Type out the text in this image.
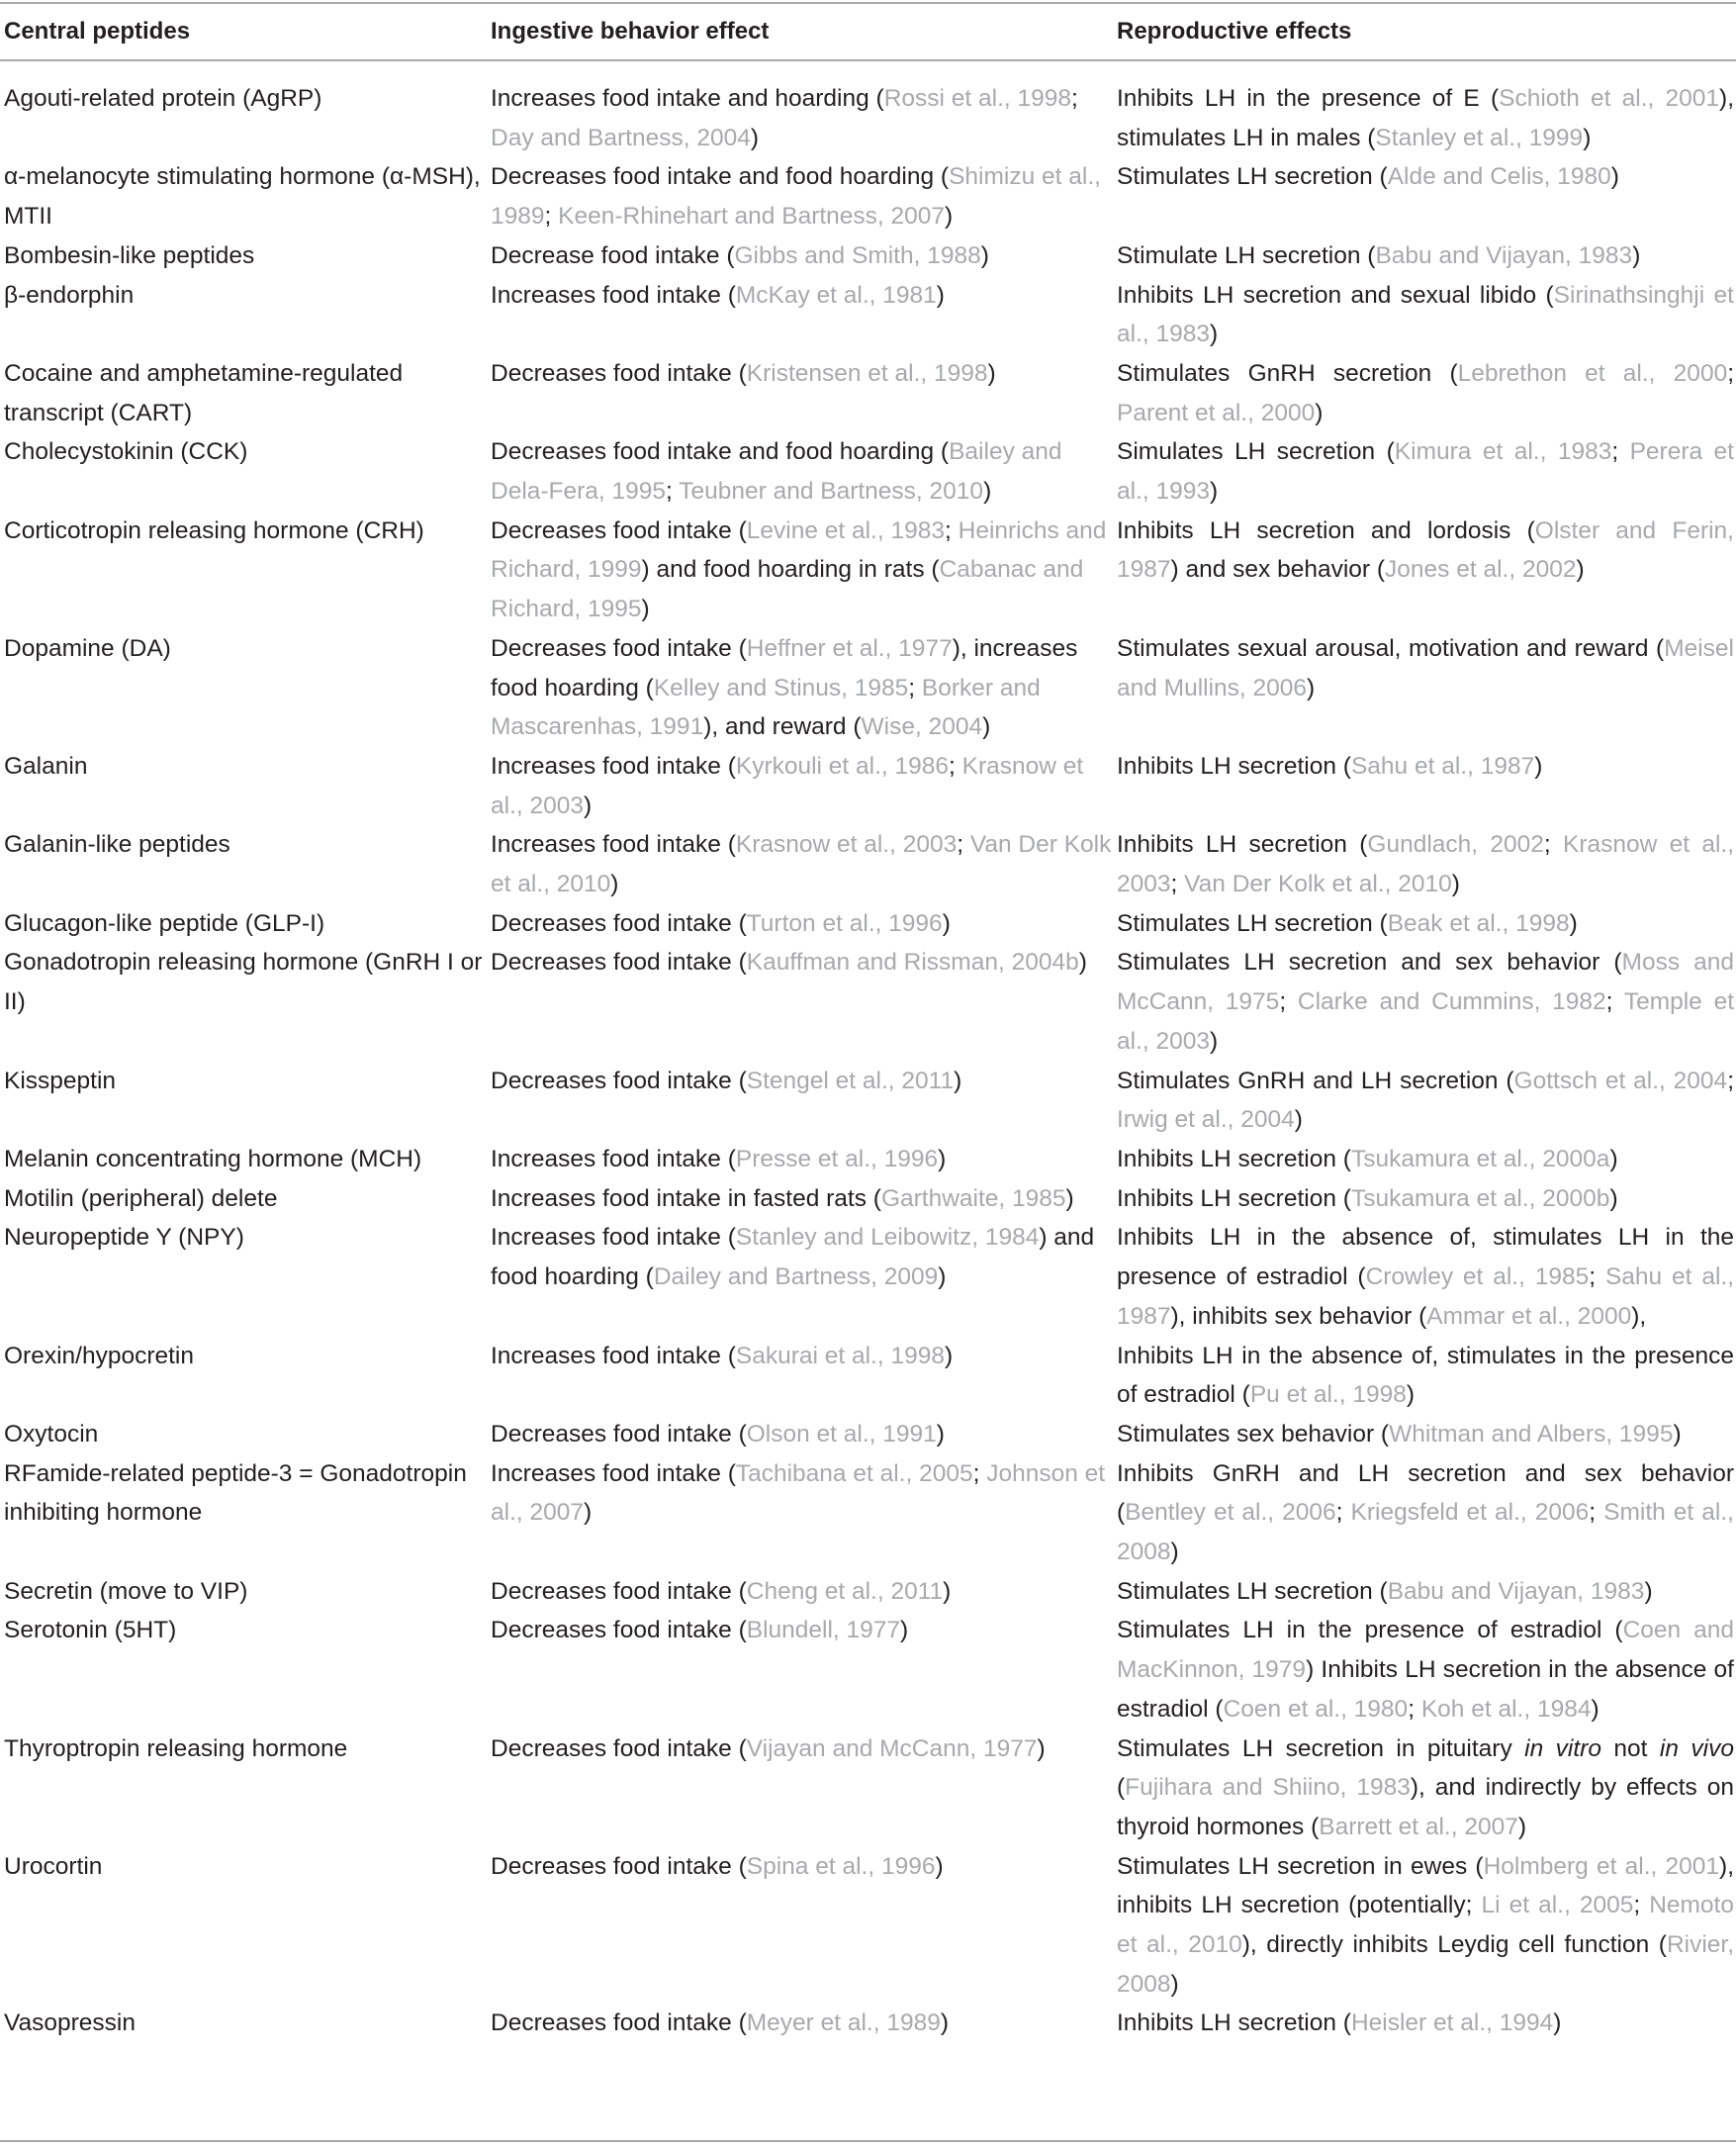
Central peptides	Ingestive behavior effect	Reproductive effects
Agouti-related protein (AgRP)	Increases food intake and hoarding (Rossi et al., 1998; Day and Bartness, 2004)	Inhibits LH in the presence of E (Schioth et al., 2001), stimulates LH in males (Stanley et al., 1999)
α-melanocyte stimulating hormone (α-MSH), MTII	Decreases food intake and food hoarding (Shimizu et al., 1989; Keen-Rhinehart and Bartness, 2007)	Stimulates LH secretion (Alde and Celis, 1980)
Bombesin-like peptides	Decrease food intake (Gibbs and Smith, 1988)	Stimulate LH secretion (Babu and Vijayan, 1983)
β-endorphin	Increases food intake (McKay et al., 1981)	Inhibits LH secretion and sexual libido (Sirinathsinghji et al., 1983)
Cocaine and amphetamine-regulated transcript (CART)	Decreases food intake (Kristensen et al., 1998)	Stimulates GnRH secretion (Lebrethon et al., 2000; Parent et al., 2000)
Cholecystokinin (CCK)	Decreases food intake and food hoarding (Bailey and Dela-Fera, 1995; Teubner and Bartness, 2010)	Simulates LH secretion (Kimura et al., 1983; Perera et al., 1993)
Corticotropin releasing hormone (CRH)	Decreases food intake (Levine et al., 1983; Heinrichs and Richard, 1999) and food hoarding in rats (Cabanac and Richard, 1995)	Inhibits LH secretion and lordosis (Olster and Ferin, 1987) and sex behavior (Jones et al., 2002)
Dopamine (DA)	Decreases food intake (Heffner et al., 1977), increases food hoarding (Kelley and Stinus, 1985; Borker and Mascarenhas, 1991), and reward (Wise, 2004)	Stimulates sexual arousal, motivation and reward (Meisel and Mullins, 2006)
Galanin	Increases food intake (Kyrkouli et al., 1986; Krasnow et al., 2003)	Inhibits LH secretion (Sahu et al., 1987)
Galanin-like peptides	Increases food intake (Krasnow et al., 2003; Van Der Kolk et al., 2010)	Inhibits LH secretion (Gundlach, 2002; Krasnow et al., 2003; Van Der Kolk et al., 2010)
Glucagon-like peptide (GLP-I)	Decreases food intake (Turton et al., 1996)	Stimulates LH secretion (Beak et al., 1998)
Gonadotropin releasing hormone (GnRH I or II)	Decreases food intake (Kauffman and Rissman, 2004b)	Stimulates LH secretion and sex behavior (Moss and McCann, 1975; Clarke and Cummins, 1982; Temple et al., 2003)
Kisspeptin	Decreases food intake (Stengel et al., 2011)	Stimulates GnRH and LH secretion (Gottsch et al., 2004; Irwig et al., 2004)
Melanin concentrating hormone (MCH)	Increases food intake (Presse et al., 1996)	Inhibits LH secretion (Tsukamura et al., 2000a)
Motilin (peripheral) delete	Increases food intake in fasted rats (Garthwaite, 1985)	Inhibits LH secretion (Tsukamura et al., 2000b)
Neuropeptide Y (NPY)	Increases food intake (Stanley and Leibowitz, 1984) and food hoarding (Dailey and Bartness, 2009)	Inhibits LH in the absence of, stimulates LH in the presence of estradiol (Crowley et al., 1985; Sahu et al., 1987), inhibits sex behavior (Ammar et al., 2000),
Orexin/hypocretin	Increases food intake (Sakurai et al., 1998)	Inhibits LH in the absence of, stimulates in the presence of estradiol (Pu et al., 1998)
Oxytocin	Decreases food intake (Olson et al., 1991)	Stimulates sex behavior (Whitman and Albers, 1995)
RFamide-related peptide-3 = Gonadotropin inhibiting hormone	Increases food intake (Tachibana et al., 2005; Johnson et al., 2007)	Inhibits GnRH and LH secretion and sex behavior (Bentley et al., 2006; Kriegsfeld et al., 2006; Smith et al., 2008)
Secretin (move to VIP)	Decreases food intake (Cheng et al., 2011)	Stimulates LH secretion (Babu and Vijayan, 1983)
Serotonin (5HT)	Decreases food intake (Blundell, 1977)	Stimulates LH in the presence of estradiol (Coen and MacKinnon, 1979) Inhibits LH secretion in the absence of estradiol (Coen et al., 1980; Koh et al., 1984)
Thyroptropin releasing hormone	Decreases food intake (Vijayan and McCann, 1977)	Stimulates LH secretion in pituitary in vitro not in vivo (Fujihara and Shiino, 1983), and indirectly by effects on thyroid hormones (Barrett et al., 2007)
Urocortin	Decreases food intake (Spina et al., 1996)	Stimulates LH secretion in ewes (Holmberg et al., 2001), inhibits LH secretion (potentially; Li et al., 2005; Nemoto et al., 2010), directly inhibits Leydig cell function (Rivier, 2008)
Vasopressin	Decreases food intake (Meyer et al., 1989)	Inhibits LH secretion (Heisler et al., 1994)
